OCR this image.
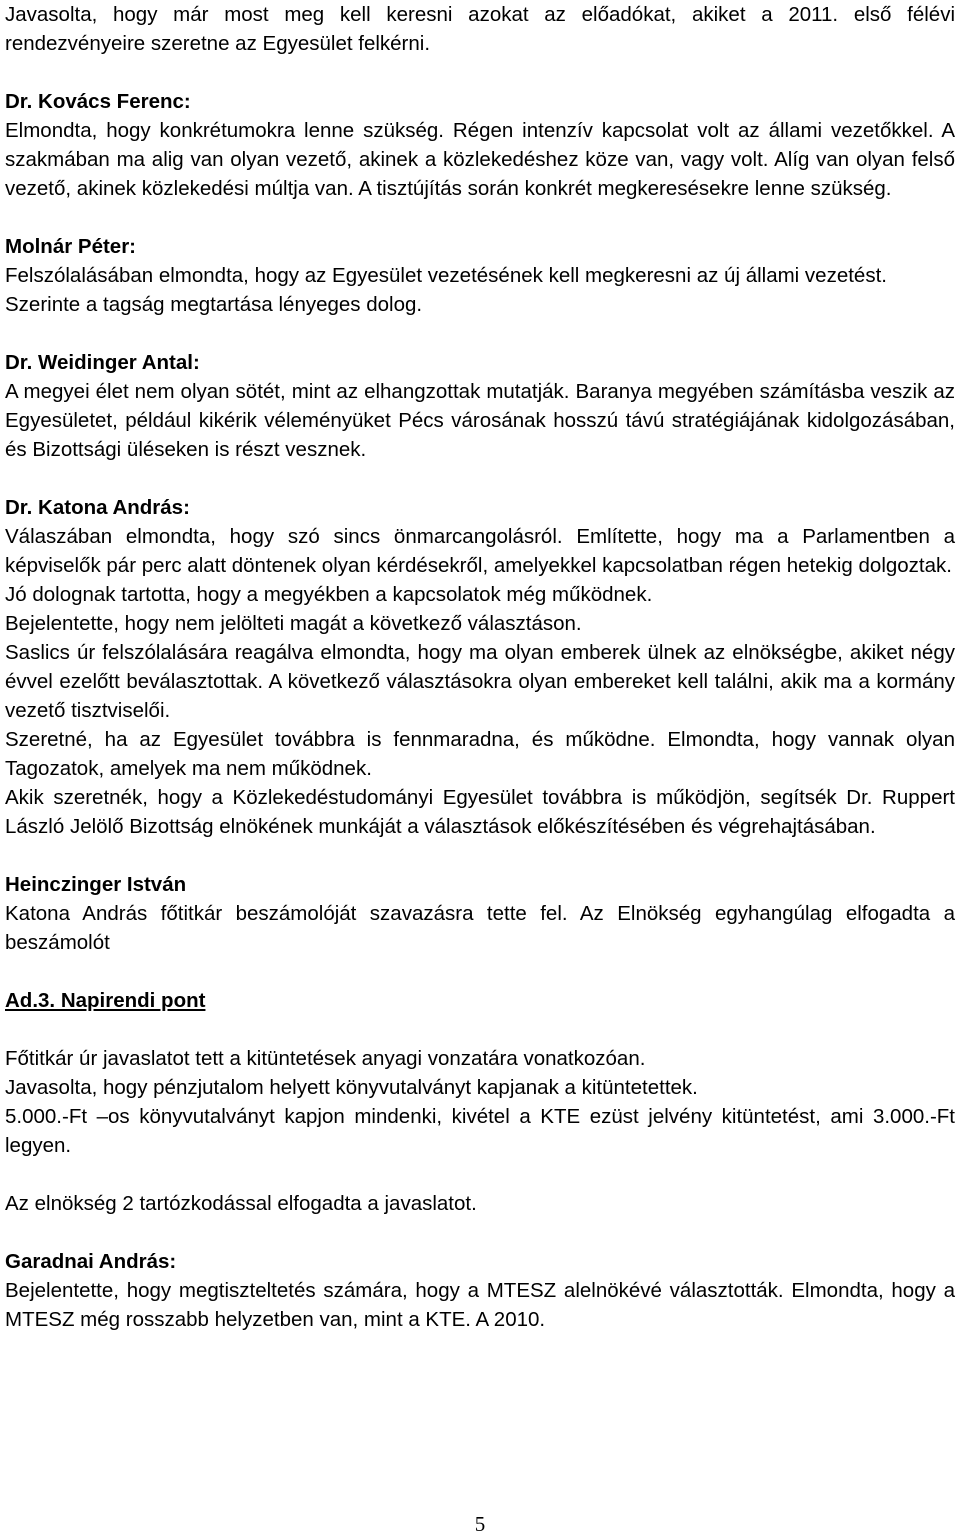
Javasolta, hogy már most meg kell keresni azokat az előadókat, akiket a 2011. első félévi rendezvényeire szeretne az Egyesület felkérni.

Dr. Kovács Ferenc:

Elmondta, hogy konkrétumokra lenne szükség. Régen intenzív kapcsolat volt az állami vezetőkkel. A szakmában ma alig van olyan vezető, akinek a közlekedéshez köze van, vagy volt. Alíg van olyan felső vezető, akinek közlekedési múltja van. A tisztújítás során konkrét megkeresésekre lenne szükség.

Molnár Péter:

Felszólalásában elmondta, hogy az Egyesület vezetésének kell megkeresni az új állami vezetést.

Szerinte a tagság megtartása lényeges dolog.

Dr. Weidinger Antal:

A megyei élet nem olyan sötét, mint az elhangzottak mutatják. Baranya megyében számításba veszik az Egyesületet, például kikérik véleményüket Pécs városának hosszú távú stratégiájának kidolgozásában, és Bizottsági üléseken is részt vesznek.

Dr. Katona András:

Válaszában elmondta, hogy szó sincs önmarcangolásról. Említette, hogy ma a Parlamentben a képviselők pár perc alatt döntenek olyan kérdésekről, amelyekkel kapcsolatban régen hetekig dolgoztak.

Jó dolognak tartotta, hogy a megyékben a kapcsolatok még működnek.

Bejelentette, hogy nem jelölteti magát a következő választáson.

Saslics úr felszólalására reagálva elmondta, hogy ma olyan emberek ülnek az elnökségbe, akiket négy évvel ezelőtt beválasztottak. A következő választásokra olyan embereket kell találni, akik ma a kormány vezető tisztviselői.

Szeretné, ha az Egyesület továbbra is fennmaradna, és működne. Elmondta, hogy vannak olyan Tagozatok, amelyek ma nem működnek.

Akik szeretnék, hogy a Közlekedéstudományi Egyesület továbbra is működjön, segítsék Dr. Ruppert László Jelölő Bizottság elnökének munkáját a választások előkészítésében és végrehajtásában.

Heinczinger István

Katona András főtitkár beszámolóját szavazásra tette fel. Az Elnökség egyhangúlag elfogadta a beszámolót

Ad.3. Napirendi pont

Főtitkár úr javaslatot tett a kitüntetések anyagi vonzatára vonatkozóan.

Javasolta, hogy pénzjutalom helyett könyvutalványt kapjanak a kitüntetettek.

5.000.-Ft –os könyvutalványt kapjon mindenki, kivétel a KTE ezüst jelvény kitüntetést, ami 3.000.-Ft legyen.

Az elnökség 2 tartózkodással elfogadta a javaslatot.

Garadnai András:

Bejelentette, hogy megtiszteltetés számára, hogy a MTESZ alelnökévé választották. Elmondta, hogy a MTESZ még rosszabb helyzetben van, mint a KTE. A 2010.

5
